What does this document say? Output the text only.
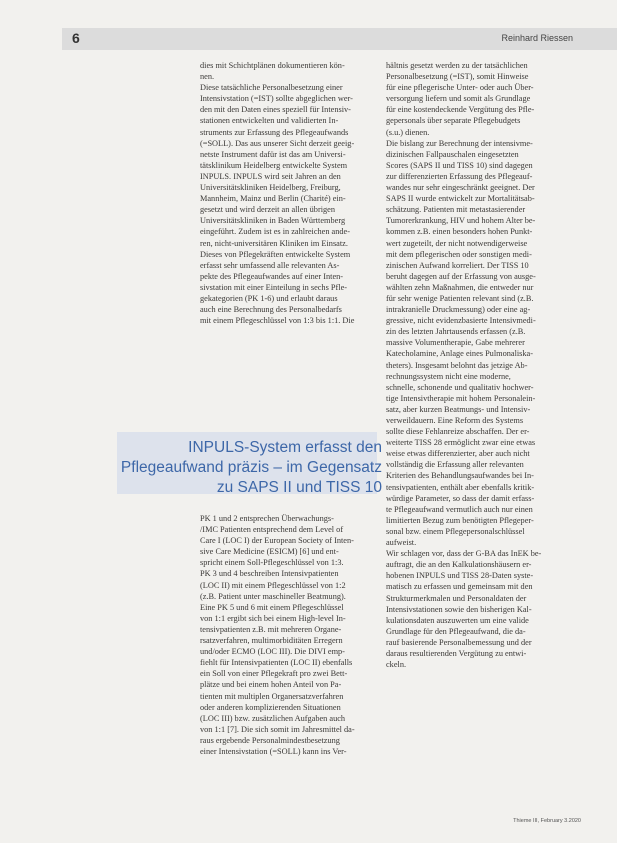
6	Reinhard Riessen
dies mit Schichtplänen dokumentieren kön-
nen.
Diese tatsächliche Personalbesetzung einer
Intensivstation (=IST) sollte abgeglichen wer-
den mit den Daten eines speziell für Intensiv-
stationen entwickelten und validierten In-
struments zur Erfassung des Pflegeaufwands
(=SOLL). Das aus unserer Sicht derzeit geeig-
netste Instrument dafür ist das am Universi-
tätsklinikum Heidelberg entwickelte System
INPULS. INPULS wird seit Jahren an den
Universitätskliniken Heidelberg, Freiburg,
Mannheim, Mainz und Berlin (Charité) ein-
gesetzt und wird derzeit an allen übrigen
Universitätskliniken in Baden Württemberg
eingeführt. Zudem ist es in zahlreichen ande-
ren, nicht-universitären Kliniken im Einsatz.
Dieses von Pflegekräften entwickelte System
erfasst sehr umfassend alle relevanten As-
pekte des Pflegeaufwandes auf einer Inten-
sivstation mit einer Einteilung in sechs Pfle-
gekategorien (PK 1-6) und erlaubt daraus
auch eine Berechnung des Personalbedarfs
mit einem Pflegeschlüssel von 1:3 bis 1:1. Die
INPULS-System erfasst den
Pflegeaufwand präzis – im Gegensatz
zu SAPS II und TISS 10
PK 1 und 2 entsprechen Überwachungs-
/IMC Patienten entsprechend dem Level of
Care I (LOC I) der European Society of Inten-
sive Care Medicine (ESICM) [6] und ent-
spricht einem Soll-Pflegeschlüssel von 1:3.
PK 3 und 4 beschreiben Intensivpatienten
(LOC II) mit einem Pflegeschlüssel von 1:2
(z.B. Patient unter maschineller Beatmung).
Eine PK 5 und 6 mit einem Pflegeschlüssel
von 1:1 ergibt sich bei einem High-level In-
tensivpatienten z.B. mit mehreren Organe-
rsatzverfahren, multimorbiditäten Erregern
und/oder ECMO (LOC III). Die DIVI emp-
fiehlt für Intensivpatienten (LOC II) ebenfalls
ein Soll von einer Pflegekraft pro zwei Bett-
plätze und bei einem hohen Anteil von Pa-
tienten mit multiplen Organersatzverfahren
oder anderen komplizierenden Situationen
(LOC III) bzw. zusätzlichen Aufgaben auch
von 1:1 [7]. Die sich somit im Jahresmittel da-
raus ergebende Personalmindestbesetzung
einer Intensivstation (=SOLL) kann ins Ver-
hältnis gesetzt werden zu der tatsächlichen
Personalbesetzung (=IST), somit Hinweise
für eine pflegerische Unter- oder auch Über-
versorgung liefern und somit als Grundlage
für eine kostendeckende Vergütung des Pfle-
gepersonals über separate Pflegebudgets
(s.u.) dienen.
Die bislang zur Berechnung der intensivme-
dizinischen Fallpauschalen eingesetzten
Scores (SAPS II und TISS 10) sind dagegen
zur differenzierten Erfassung des Pflegeauf-
wandes nur sehr eingeschränkt geeignet. Der
SAPS II wurde entwickelt zur Mortalitätsab-
schätzung. Patienten mit metastasierender
Tumorerkrankung, HIV und hohem Alter be-
kommen z.B. einen besonders hohen Punkt-
wert zugeteilt, der nicht notwendigerweise
mit dem pflegerischen oder sonstigen medi-
zinischen Aufwand korreliert. Der TISS 10
beruht dagegen auf der Erfassung von ausge-
wählten zehn Maßnahmen, die entweder nur
für sehr wenige Patienten relevant sind (z.B.
intrakranielle Druckmessung) oder eine ag-
gressive, nicht evidenzbasierte Intensivmedi-
zin des letzten Jahrtausends erfassen (z.B.
massive Volumentherapie, Gabe mehrerer
Katecholamine, Anlage eines Pulmonaliska-
theters). Insgesamt belohnt das jetzige Ab-
rechnungssystem nicht eine moderne,
schnelle, schonende und qualitativ hochwer-
tige Intensivtherapie mit hohem Personalein-
satz, aber kurzen Beatmungs- und Intensiv-
verweildauern. Eine Reform des Systems
sollte diese Fehlanreize abschaffen. Der er-
weiterte TISS 28 ermöglicht zwar eine etwas
weise etwas differenzierter, aber auch nicht
vollständig die Erfassung aller relevanten
Kriterien des Behandlungsaufwandes bei In-
tensivpatienten, enthält aber ebenfalls kritik-
würdige Parameter, so dass der damit erfass-
te Pflegeaufwand vermutlich auch nur einen
limitierten Bezug zum benötigten Pflegeper-
sonal bzw. einem Pflegepersonalschlüssel
aufweist.
Wir schlagen vor, dass der G-BA das InEK be-
auftragt, die an den Kalkulationshäusern er-
hobenen INPULS und TISS 28-Daten syste-
matisch zu erfassen und gemeinsam mit den
Strukturmerkmalen und Personaldaten der
Intensivstationen sowie den bisherigen Kal-
kulationsdaten auszuwerten um eine valide
Grundlage für den Pflegeaufwand, die da-
rauf basierende Personalbemessung und der
daraus resultierenden Vergütung zu entwi-
ckeln.
Thieme III, February 3.2020
